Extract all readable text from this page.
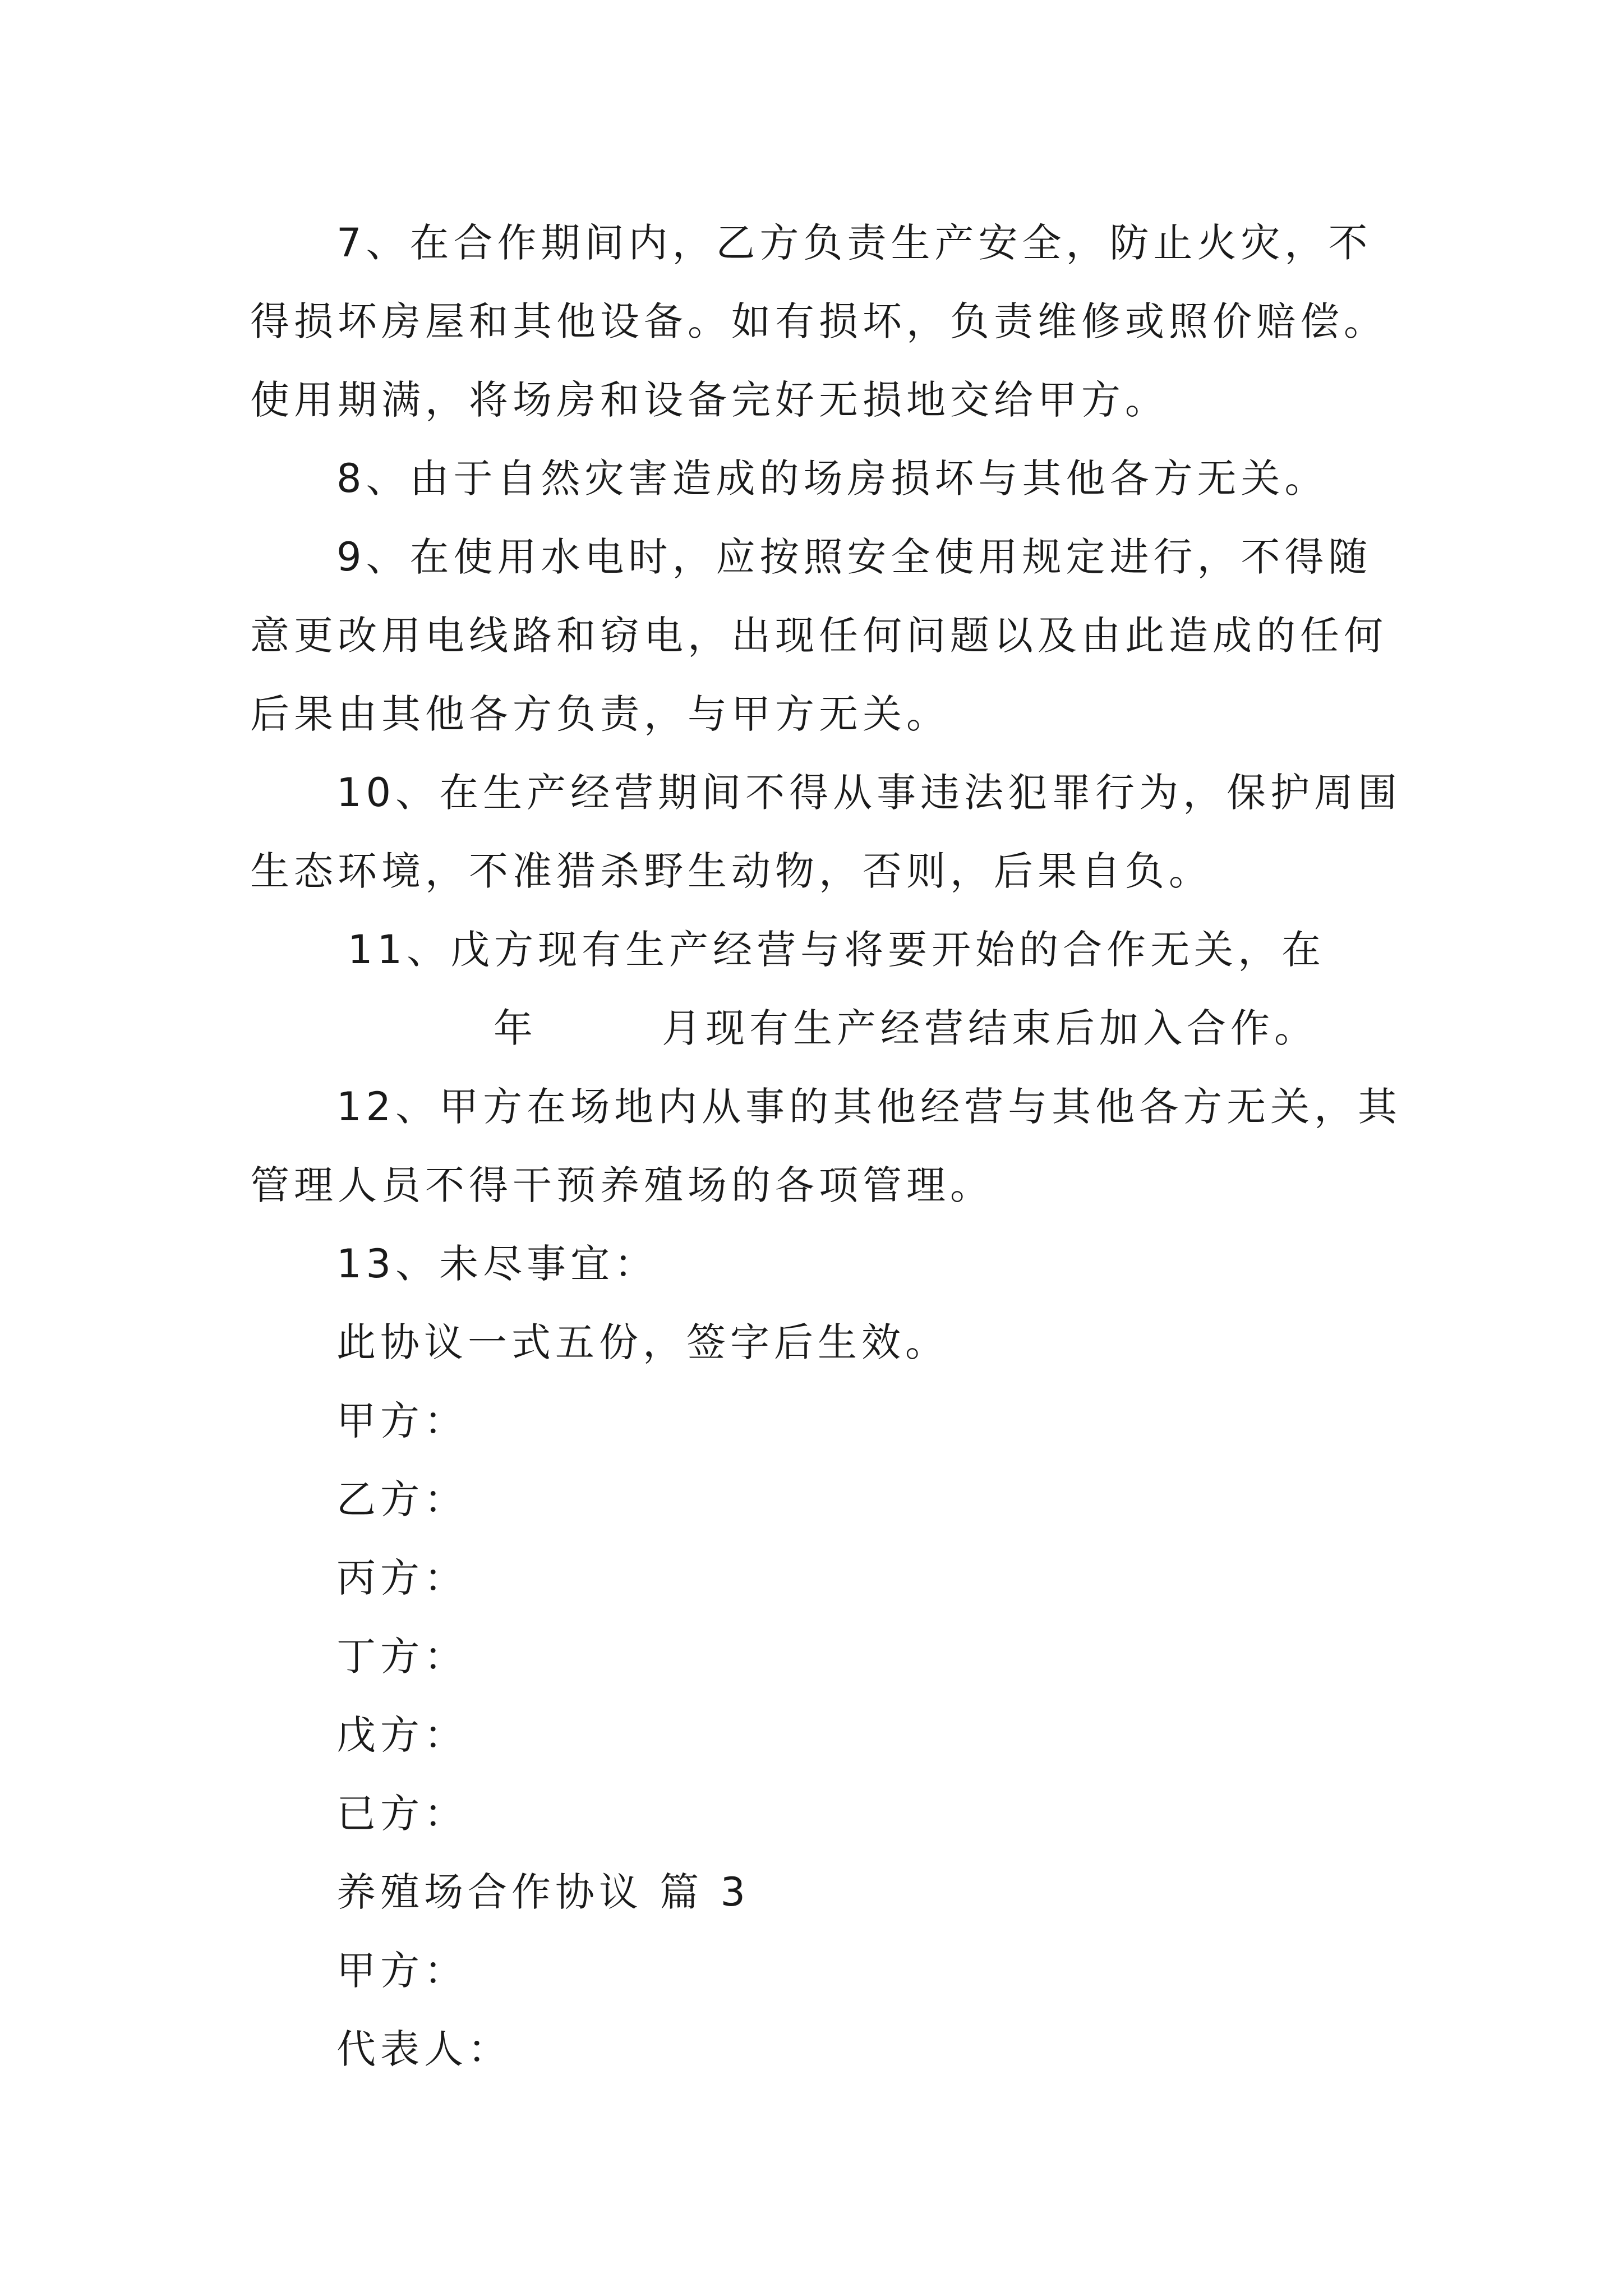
7、在合作期间内，乙方负责生产安全，防止火灾，不
得损坏房屋和其他设备。如有损坏，负责维修或照价赔偿。
使用期满，将场房和设备完好无损地交给甲方。
8、由于自然灾害造成的场房损坏与其他各方无关。
9、在使用水电时，应按照安全使用规定进行，不得随
意更改用电线路和窃电，出现任何问题以及由此造成的任何
后果由其他各方负责，与甲方无关。
10、在生产经营期间不得从事违法犯罪行为，保护周围
生态环境，不准猎杀野生动物，否则，后果自负。
11、戊方现有生产经营与将要开始的合作无关，在
年	月现有生产经营结束后加入合作。
12、甲方在场地内从事的其他经营与其他各方无关，其
管理人员不得干预养殖场的各项管理。
13、未尽事宜：
此协议一式五份，签字后生效。
甲方：
乙方：
丙方：
丁方：
戊方：
已方：
养殖场合作协议 篇 3
甲方：
代表人：
